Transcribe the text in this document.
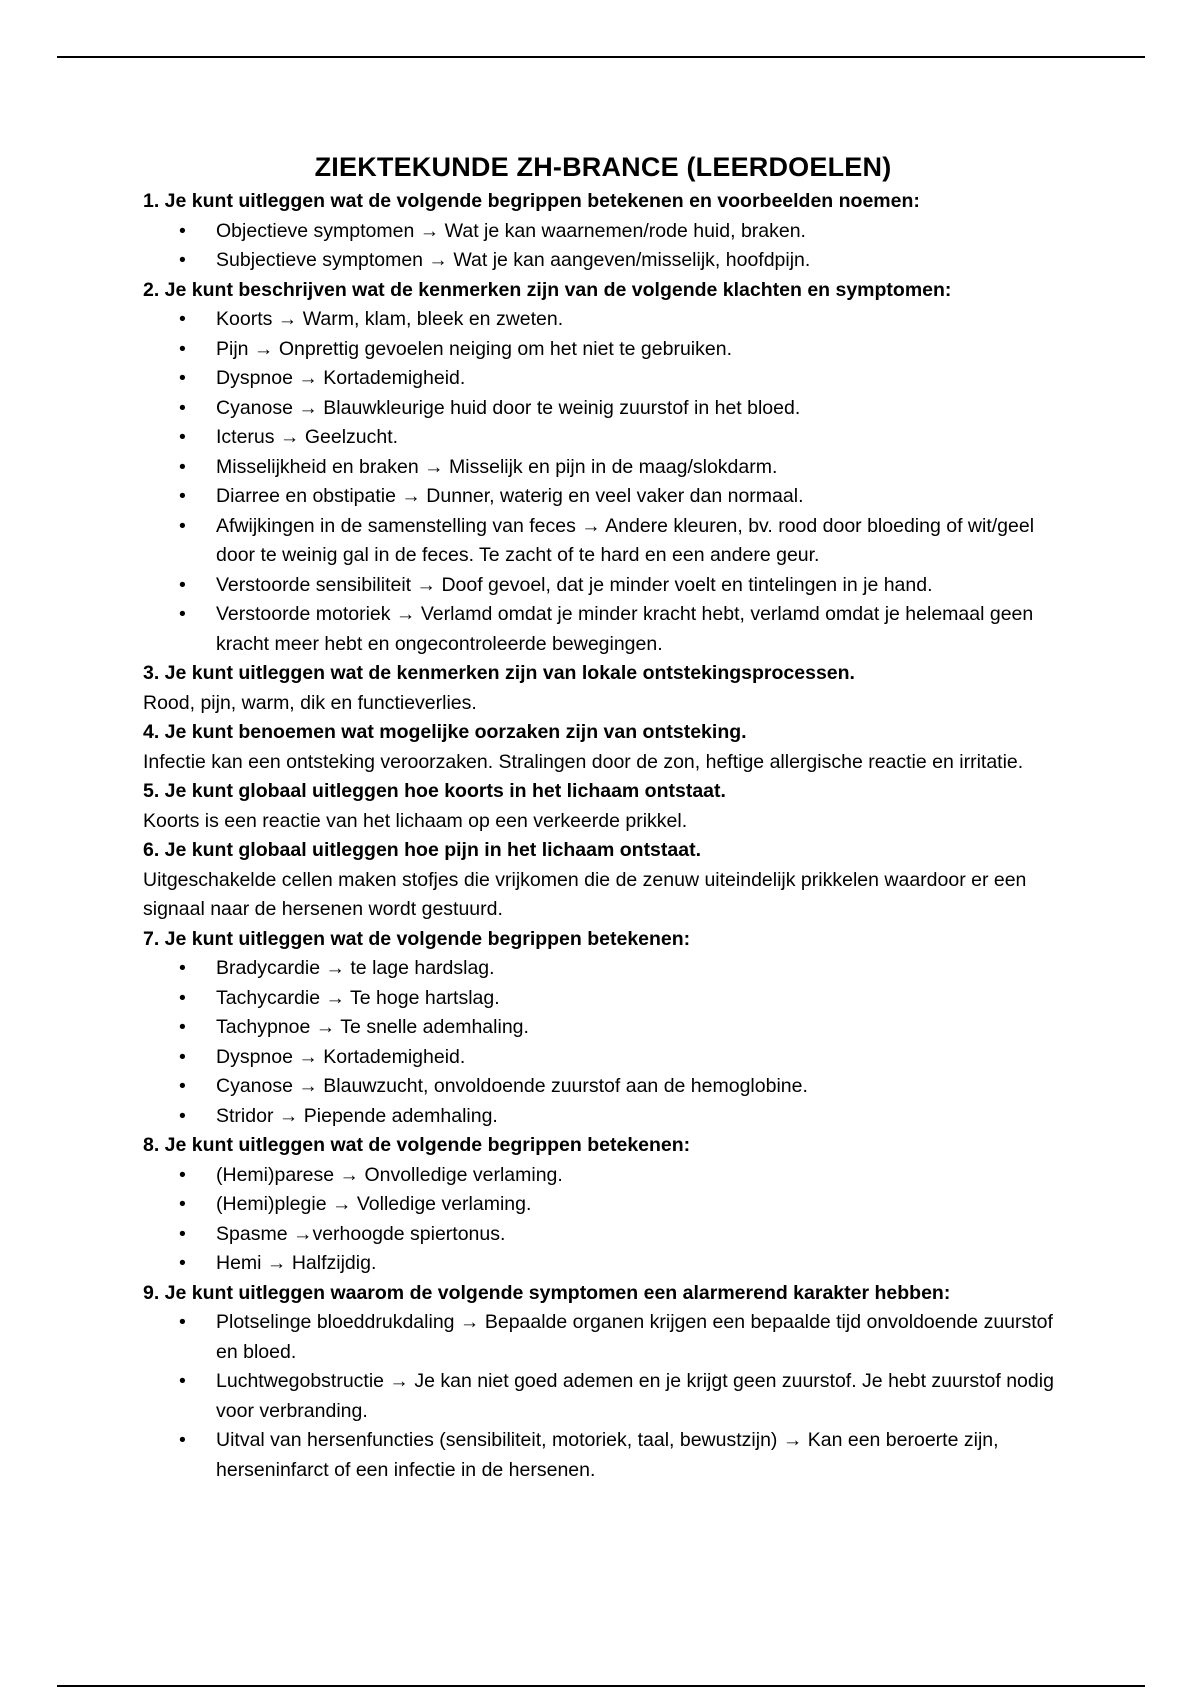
ZIEKTEKUNDE ZH-BRANCE (LEERDOELEN)

1. Je kunt uitleggen wat de volgende begrippen betekenen en voorbeelden noemen:

• Objectieve symptomen → Wat je kan waarnemen/rode huid, braken.
• Subjectieve symptomen → Wat je kan aangeven/misselijk, hoofdpijn.

2. Je kunt beschrijven wat de kenmerken zijn van de volgende klachten en symptomen:

• Koorts → Warm, klam, bleek en zweten.
• Pijn → Onprettig gevoelen neiging om het niet te gebruiken.
• Dyspnoe → Kortademigheid.
• Cyanose → Blauwkleurige huid door te weinig zuurstof in het bloed.
• Icterus → Geelzucht.
• Misselijkheid en braken → Misselijk en pijn in de maag/slokdarm.
• Diarree en obstipatie → Dunner, waterig en veel vaker dan normaal.
• Afwijkingen in de samenstelling van feces → Andere kleuren, bv. rood door bloeding of wit/geel door te weinig gal in de feces. Te zacht of te hard en een andere geur.
• Verstoorde sensibiliteit → Doof gevoel, dat je minder voelt en tintelingen in je hand.
• Verstoorde motoriek → Verlamd omdat je minder kracht hebt, verlamd omdat je helemaal geen kracht meer hebt en ongecontroleerde bewegingen.

3. Je kunt uitleggen wat de kenmerken zijn van lokale ontstekingsprocessen.

Rood, pijn, warm, dik en functieverlies.

4. Je kunt benoemen wat mogelijke oorzaken zijn van ontsteking.

Infectie kan een ontsteking veroorzaken. Stralingen door de zon, heftige allergische reactie en irritatie.

5. Je kunt globaal uitleggen hoe koorts in het lichaam ontstaat.

Koorts is een reactie van het lichaam op een verkeerde prikkel.

6. Je kunt globaal uitleggen hoe pijn in het lichaam ontstaat.

Uitgeschakelde cellen maken stofjes die vrijkomen die de zenuw uiteindelijk prikkelen waardoor er een signaal naar de hersenen wordt gestuurd.

7. Je kunt uitleggen wat de volgende begrippen betekenen:

• Bradycardie → te lage hardslag.
• Tachycardie → Te hoge hartslag.
• Tachypnoe → Te snelle ademhaling.
• Dyspnoe → Kortademigheid.
• Cyanose → Blauwzucht, onvoldoende zuurstof aan de hemoglobine.
• Stridor → Piepende ademhaling.

8. Je kunt uitleggen wat de volgende begrippen betekenen:

• (Hemi)parese → Onvolledige verlaming.
• (Hemi)plegie → Volledige verlaming.
• Spasme →verhoogde spiertonus.
• Hemi → Halfzijdig.

9. Je kunt uitleggen waarom de volgende symptomen een alarmerend karakter hebben:

• Plotselinge bloeddrukdaling → Bepaalde organen krijgen een bepaalde tijd onvoldoende zuurstof en bloed.
• Luchtwegobstructie → Je kan niet goed ademen en je krijgt geen zuurstof. Je hebt zuurstof nodig voor verbranding.
• Uitval van hersenfuncties (sensibiliteit, motoriek, taal, bewustzijn) → Kan een beroerte zijn, herseninfarct of een infectie in de hersenen.
